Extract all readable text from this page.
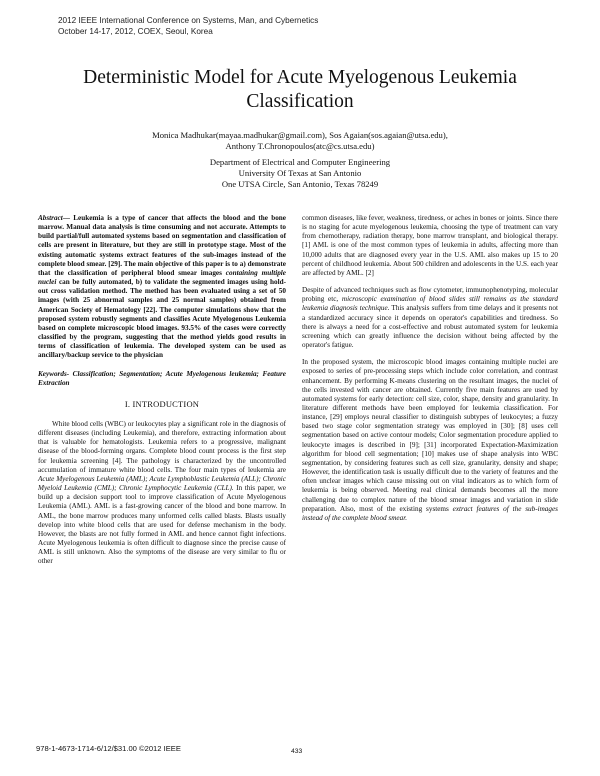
2012 IEEE International Conference on Systems, Man, and Cybernetics
October 14-17, 2012, COEX, Seoul, Korea
Deterministic Model for Acute Myelogenous Leukemia Classification
Monica Madhukar(mayaa.madhukar@gmail.com), Sos Agaian(sos.agaian@utsa.edu),
Anthony T.Chronopoulos(atc@cs.utsa.edu)
Department of Electrical and Computer Engineering
University Of Texas at San Antonio
One UTSA Circle, San Antonio, Texas 78249

Abstract— Leukemia is a type of cancer that affects the blood and the bone marrow. Manual data analysis is time consuming and not accurate. Attempts to build partial/full automated systems based on segmentation and classification of cells are present in literature, but they are still in prototype stage. Most of the existing automatic systems extract features of the sub-images instead of the complete blood smear. [29]. The main objective of this paper is to a) demonstrate that the classification of peripheral blood smear images containing multiple nuclei can be fully automated, b) to validate the segmented images using hold-out cross validation method. The method has been evaluated using a set of 50 images (with 25 abnormal samples and 25 normal samples) obtained from American Society of Hematology [22]. The computer simulations show that the proposed system robustly segments and classifies Acute Myelogenous Leukemia based on complete microscopic blood images. 93.5% of the cases were correctly classified by the program, suggesting that the method yields good results in terms of classification of leukemia. The developed system can be used as ancillary/backup service to the physician

Keywords- Classification; Segmentation; Acute Myelogenous leukemia; Feature Extraction

I. INTRODUCTION

White blood cells (WBC) or leukocytes play a significant role in the diagnosis of different diseases (including Leukemia), and therefore, extracting information about that is valuable for hematologists. Leukemia refers to a progressive, malignant disease of the blood-forming organs. Complete blood count process is the first step for leukemia screening [4]. The pathology is characterized by the uncontrolled accumulation of immature white blood cells. The four main types of leukemia are Acute Myelogenous Leukemia (AML); Acute Lymphoblastic Leukemia (ALL); Chronic Myeloid Leukemia (CML); Chronic Lymphocytic Leukemia (CLL). In this paper, we build up a decision support tool to improve classification of Acute Myelogenous Leukemia (AML). AML is a fast-growing cancer of the blood and bone marrow. In AML, the bone marrow produces many unformed cells called blasts. Blasts usually develop into white blood cells that are used for defense mechanism in the body. However, the blasts are not fully formed in AML and hence cannot fight infections. Acute Myelogenous leukemia is often difficult to diagnose since the precise cause of AML is still unknown. Also the symptoms of the disease are very similar to flu or other

common diseases, like fever, weakness, tiredness, or aches in bones or joints. Since there is no staging for acute myelogenous leukemia, choosing the type of treatment can vary from chemotherapy, radiation therapy, bone marrow transplant, and biological therapy. [1] AML is one of the most common types of leukemia in adults, affecting more than 10,000 adults that are diagnosed every year in the U.S. AML also makes up 15 to 20 percent of childhood leukemia. About 500 children and adolescents in the U.S. each year are affected by AML. [2]

Despite of advanced techniques such as flow cytometer, immunophenotyping, molecular probing etc, microscopic examination of blood slides still remains as the standard leukemia diagnosis technique. This analysis suffers from time delays and it presents not a standardized accuracy since it depends on operator's capabilities and tiredness. So there is always a need for a cost-effective and robust automated system for leukemia screening which can greatly influence the decision without being affected by the operator's fatigue.

In the proposed system, the microscopic blood images containing multiple nuclei are exposed to series of pre-processing steps which include color correlation, and contrast enhancement. By performing K-means clustering on the resultant images, the nuclei of the cells invested with cancer are obtained. Currently five main features are used by automated systems for early detection: cell size, color, shape, density and granularity. In literature different methods have been employed for leukemia classification. For instance, [29] employs neural classifier to distinguish subtypes of leukocytes; a fuzzy based two stage color segmentation strategy was employed in [30]; [8] uses cell segmentation based on active contour models; Color segmentation procedure applied to leukocyte images is described in [9]; [31] incorporated Expectation-Maximization algorithm for blood cell segmentation; [10] makes use of shape analysis into WBC segmentation, by considering features such as cell size, granularity, density and shape; However, the identification task is usually difficult due to the variety of features and the often unclear images which cause missing out on vital indicators as to which form of leukemia is being observed. Meeting real clinical demands becomes all the more challenging due to complex nature of the blood smear images and variation in slide preparation. Also, most of the existing systems extract features of the sub-images instead of the complete blood smear.

978-1-4673-1714-6/12/$31.00 ©2012 IEEE	433
